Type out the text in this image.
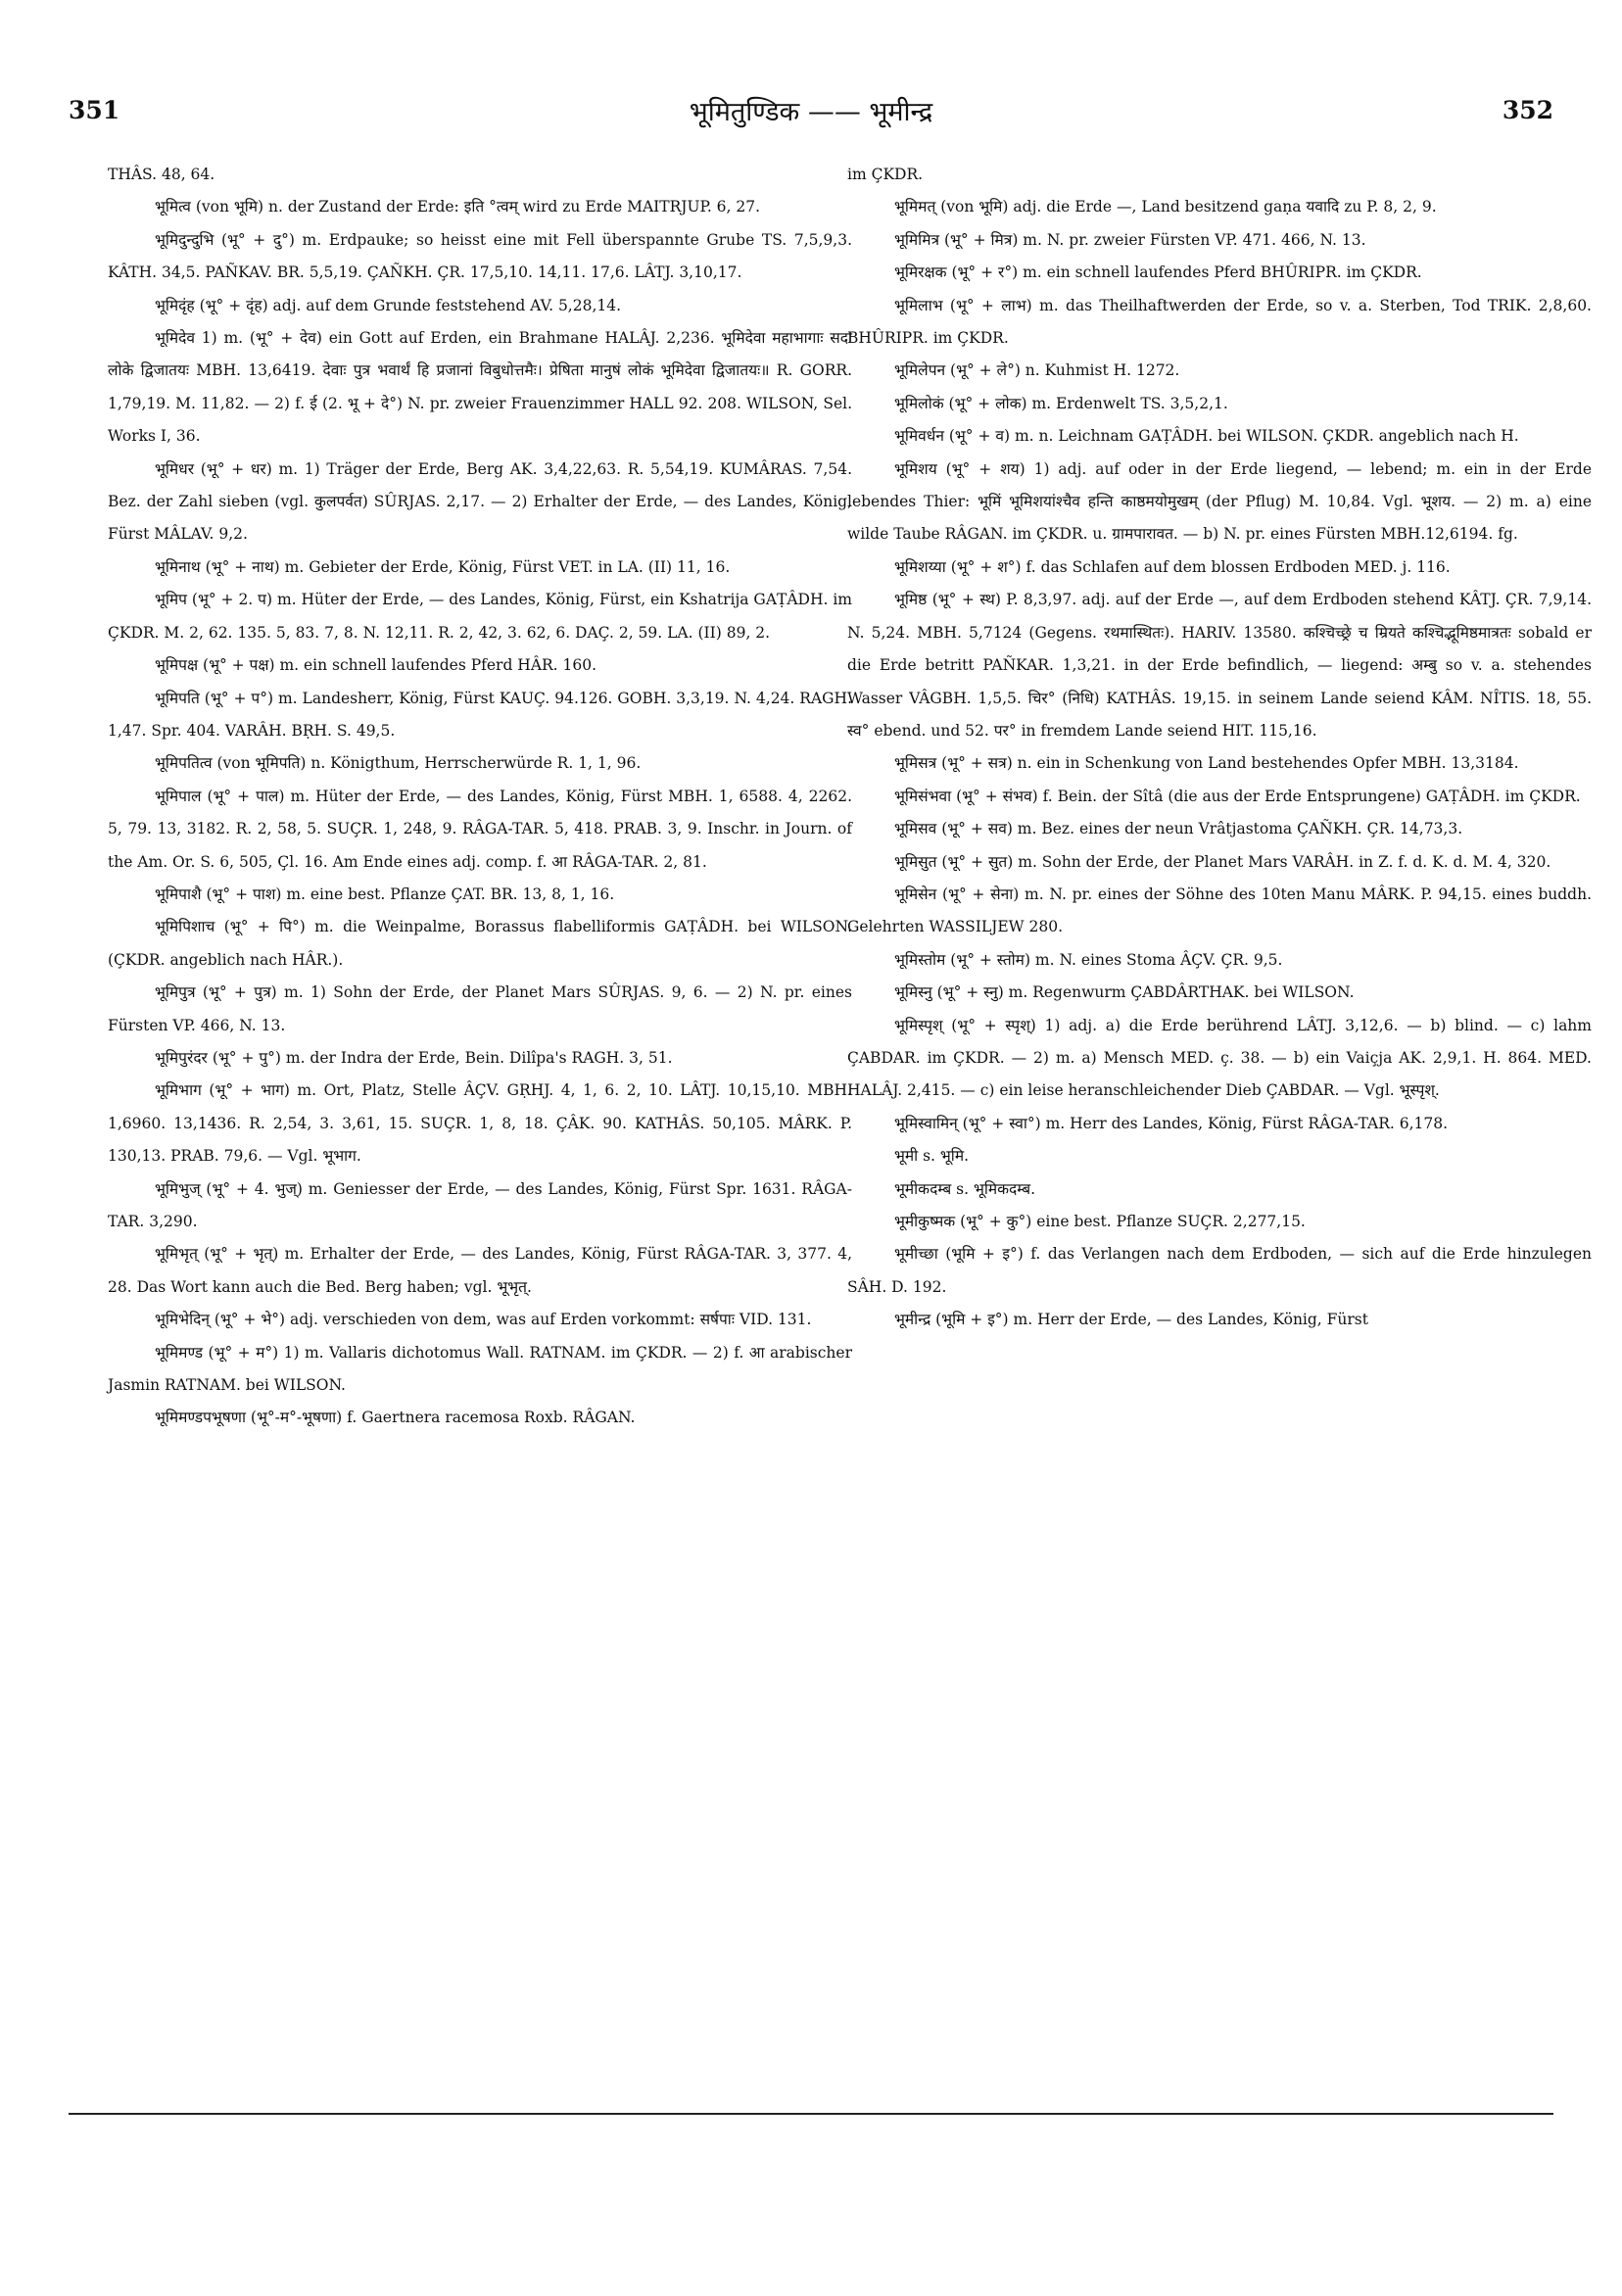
351	भूमितुण्डिक —— भूमीन्द्र	352

THÂS. 48, 64.

भूमित्व (von भूमि) n. der Zustand der Erde: इति °त्वम् wird zu Erde MAITRJUP. 6, 27.

भूमिदुन्दुभि (भू° + दु°) m. Erdpauke; so heisst eine mit Fell überspannte Grube TS. 7,5,9,3. KÂTH. 34,5. PAÑKAV. BR. 5,5,19. ÇAÑKH. ÇR. 17,5,10. 14,11. 17,6. LÂTJ. 3,10,17.

भूमिदृंह (भू° + दृंह) adj. auf dem Grunde feststehend AV. 5,28,14.

भूमिदेव 1) m. (भू° + देव) ein Gott auf Erden, ein Brahmane HALÂJ. 2,236. भूमिदेवा महाभागाः सदा लोके द्विजातयः MBH. 13,6419. देवाः पुत्र भवार्थं हि प्रजानां विबुधोत्तमैः। प्रेषिता मानुषं लोकं भूमिदेवा द्विजातयः॥ R. GORR. 1,79,19. M. 11,82. — 2) f. ई (2. भू + दे°) N. pr. zweier Frauenzimmer HALL 92. 208. WILSON, Sel. Works I, 36.

भूमिधर (भू° + धर) m. 1) Träger der Erde, Berg AK. 3,4,22,63. R. 5,54,19. KUMÂRAS. 7,54. Bez. der Zahl sieben (vgl. कुलपर्वत) SÛRJAS. 2,17. — 2) Erhalter der Erde, — des Landes, König, Fürst MÂLAV. 9,2.

भूमिनाथ (भू° + नाथ) m. Gebieter der Erde, König, Fürst VET. in LA. (II) 11, 16.

भूमिप (भू° + 2. प) m. Hüter der Erde, — des Landes, König, Fürst, ein Kshatrija GAṬÂDH. im ÇKDR. M. 2, 62. 135. 5, 83. 7, 8. N. 12,11. R. 2, 42, 3. 62, 6. DAÇ. 2, 59. LA. (II) 89, 2.

भूमिपक्ष (भू° + पक्ष) m. ein schnell laufendes Pferd HÂR. 160.

भूमिपति (भू° + प°) m. Landesherr, König, Fürst KAUÇ. 94.126. GOBH. 3,3,19. N. 4,24. RAGH. 1,47. Spr. 404. VARÂH. BṚH. S. 49,5.

भूमिपतित्व (von भूमिपति) n. Königthum, Herrscherwürde R. 1, 1, 96.

भूमिपाल (भू° + पाल) m. Hüter der Erde, — des Landes, König, Fürst MBH. 1, 6588. 4, 2262. 5, 79. 13, 3182. R. 2, 58, 5. SUÇR. 1, 248, 9. RÂGA-TAR. 5, 418. PRAB. 3, 9. Inschr. in Journ. of the Am. Or. S. 6, 505, Çl. 16. Am Ende eines adj. comp. f. आ RÂGA-TAR. 2, 81.

भूमिपाशै (भू° + पाश) m. eine best. Pflanze ÇAT. BR. 13, 8, 1, 16.

भूमिपिशाच (भू° + पि°) m. die Weinpalme, Borassus flabelliformis GAṬÂDH. bei WILSON. (ÇKDR. angeblich nach HÂR.).

भूमिपुत्र (भू° + पुत्र) m. 1) Sohn der Erde, der Planet Mars SÛRJAS. 9, 6. — 2) N. pr. eines Fürsten VP. 466, N. 13.

भूमिपुरंदर (भू° + पु°) m. der Indra der Erde, Bein. Dilîpa's RAGH. 3, 51.

भूमिभाग (भू° + भाग) m. Ort, Platz, Stelle ÂÇV. GṚHJ. 4, 1, 6. 2, 10. LÂTJ. 10,15,10. MBH. 1,6960. 13,1436. R. 2,54, 3. 3,61, 15. SUÇR. 1, 8, 18. ÇÂK. 90. KATHÂS. 50,105. MÂRK. P. 130,13. PRAB. 79,6. — Vgl. भूभाग.

भूमिभुज् (भू° + 4. भुज्) m. Geniesser der Erde, — des Landes, König, Fürst Spr. 1631. RÂGA-TAR. 3,290.

भूमिभृत् (भू° + भृत्) m. Erhalter der Erde, — des Landes, König, Fürst RÂGA-TAR. 3, 377. 4, 28. Das Wort kann auch die Bed. Berg haben; vgl. भूभृत्.

भूमिभेदिन् (भू° + भे°) adj. verschieden von dem, was auf Erden vorkommt: सर्षपाः VID. 131.

भूमिमण्ड (भू° + म°) 1) m. Vallaris dichotomus Wall. RATNAM. im ÇKDR. — 2) f. आ arabischer Jasmin RATNAM. bei WILSON.

भूमिमण्डपभूषणा (भू°-म°-भूषणा) f. Gaertnera racemosa Roxb. RÂGAN.

im ÇKDR.

भूमिमत् (von भूमि) adj. die Erde —, Land besitzend gaṇa यवादि zu P. 8, 2, 9.

भूमिमित्र (भू° + मित्र) m. N. pr. zweier Fürsten VP. 471. 466, N. 13.

भूमिरक्षक (भू° + र°) m. ein schnell laufendes Pferd BHÛRIPR. im ÇKDR.

भूमिलाभ (भू° + लाभ) m. das Theilhaftwerden der Erde, so v. a. Sterben, Tod TRIK. 2,8,60. BHÛRIPR. im ÇKDR.

भूमिलेपन (भू° + ले°) n. Kuhmist H. 1272.

भूमिलोकं (भू° + लोक) m. Erdenwelt TS. 3,5,2,1.

भूमिवर्धन (भू° + व) m. n. Leichnam GAṬÂDH. bei WILSON. ÇKDR. angeblich nach H.

भूमिशय (भू° + शय) 1) adj. auf oder in der Erde liegend, — lebend; m. ein in der Erde lebendes Thier: भूमिं भूमिशयांश्चैव हन्ति काष्ठमयोमुखम् (der Pflug) M. 10,84. Vgl. भूशय. — 2) m. a) eine wilde Taube RÂGAN. im ÇKDR. u. ग्रामपारावत. — b) N. pr. eines Fürsten MBH.12,6194. fg.

भूमिशय्या (भू° + श°) f. das Schlafen auf dem blossen Erdboden MED. j. 116.

भूमिष्ठ (भू° + स्थ) P. 8,3,97. adj. auf der Erde —, auf dem Erdboden stehend KÂTJ. ÇR. 7,9,14. N. 5,24. MBH. 5,7124 (Gegens. रथमास्थितः). HARIV. 13580. कश्चिच्छ्रे च म्रियते कश्चिद्भूमिष्ठमात्रतः sobald er die Erde betritt PAÑKAR. 1,3,21. in der Erde befindlich, — liegend: अम्बु so v. a. stehendes Wasser VÂGBH. 1,5,5. चिर° (निधि) KATHÂS. 19,15. in seinem Lande seiend KÂM. NÎTIS. 18, 55. स्व° ebend. und 52. पर° in fremdem Lande seiend HIT. 115,16.

भूमिसत्र (भू° + सत्र) n. ein in Schenkung von Land bestehendes Opfer MBH. 13,3184.

भूमिसंभवा (भू° + संभव) f. Bein. der Sîtâ (die aus der Erde Entsprungene) GAṬÂDH. im ÇKDR.

भूमिसव (भू° + सव) m. Bez. eines der neun Vrâtjastoma ÇAÑKH. ÇR. 14,73,3.

भूमिसुत (भू° + सुत) m. Sohn der Erde, der Planet Mars VARÂH. in Z. f. d. K. d. M. 4, 320.

भूमिसेन (भू° + सेना) m. N. pr. eines der Söhne des 10ten Manu MÂRK. P. 94,15. eines buddh. Gelehrten WASSILJEW 280.

भूमिस्तोम (भू° + स्तोम) m. N. eines Stoma ÂÇV. ÇR. 9,5.

भूमिस्नु (भू° + स्नु) m. Regenwurm ÇABDÂRTHAK. bei WILSON.

भूमिस्पृश् (भू° + स्पृश्) 1) adj. a) die Erde berührend LÂTJ. 3,12,6. — b) blind. — c) lahm ÇABDAR. im ÇKDR. — 2) m. a) Mensch MED. ç. 38. — b) ein Vaiçja AK. 2,9,1. H. 864. MED. HALÂJ. 2,415. — c) ein leise heranschleichender Dieb ÇABDAR. — Vgl. भूस्पृश्.

भूमिस्वामिन् (भू° + स्वा°) m. Herr des Landes, König, Fürst RÂGA-TAR. 6,178.

भूमी s. भूमि.

भूमीकदम्ब s. भूमिकदम्ब.

भूमीकुष्मक (भू° + कु°) eine best. Pflanze SUÇR. 2,277,15.

भूमीच्छा (भूमि + इ°) f. das Verlangen nach dem Erdboden, — sich auf die Erde hinzulegen SÂH. D. 192.

भूमीन्द्र (भूमि + इ°) m. Herr der Erde, — des Landes, König, Fürst
